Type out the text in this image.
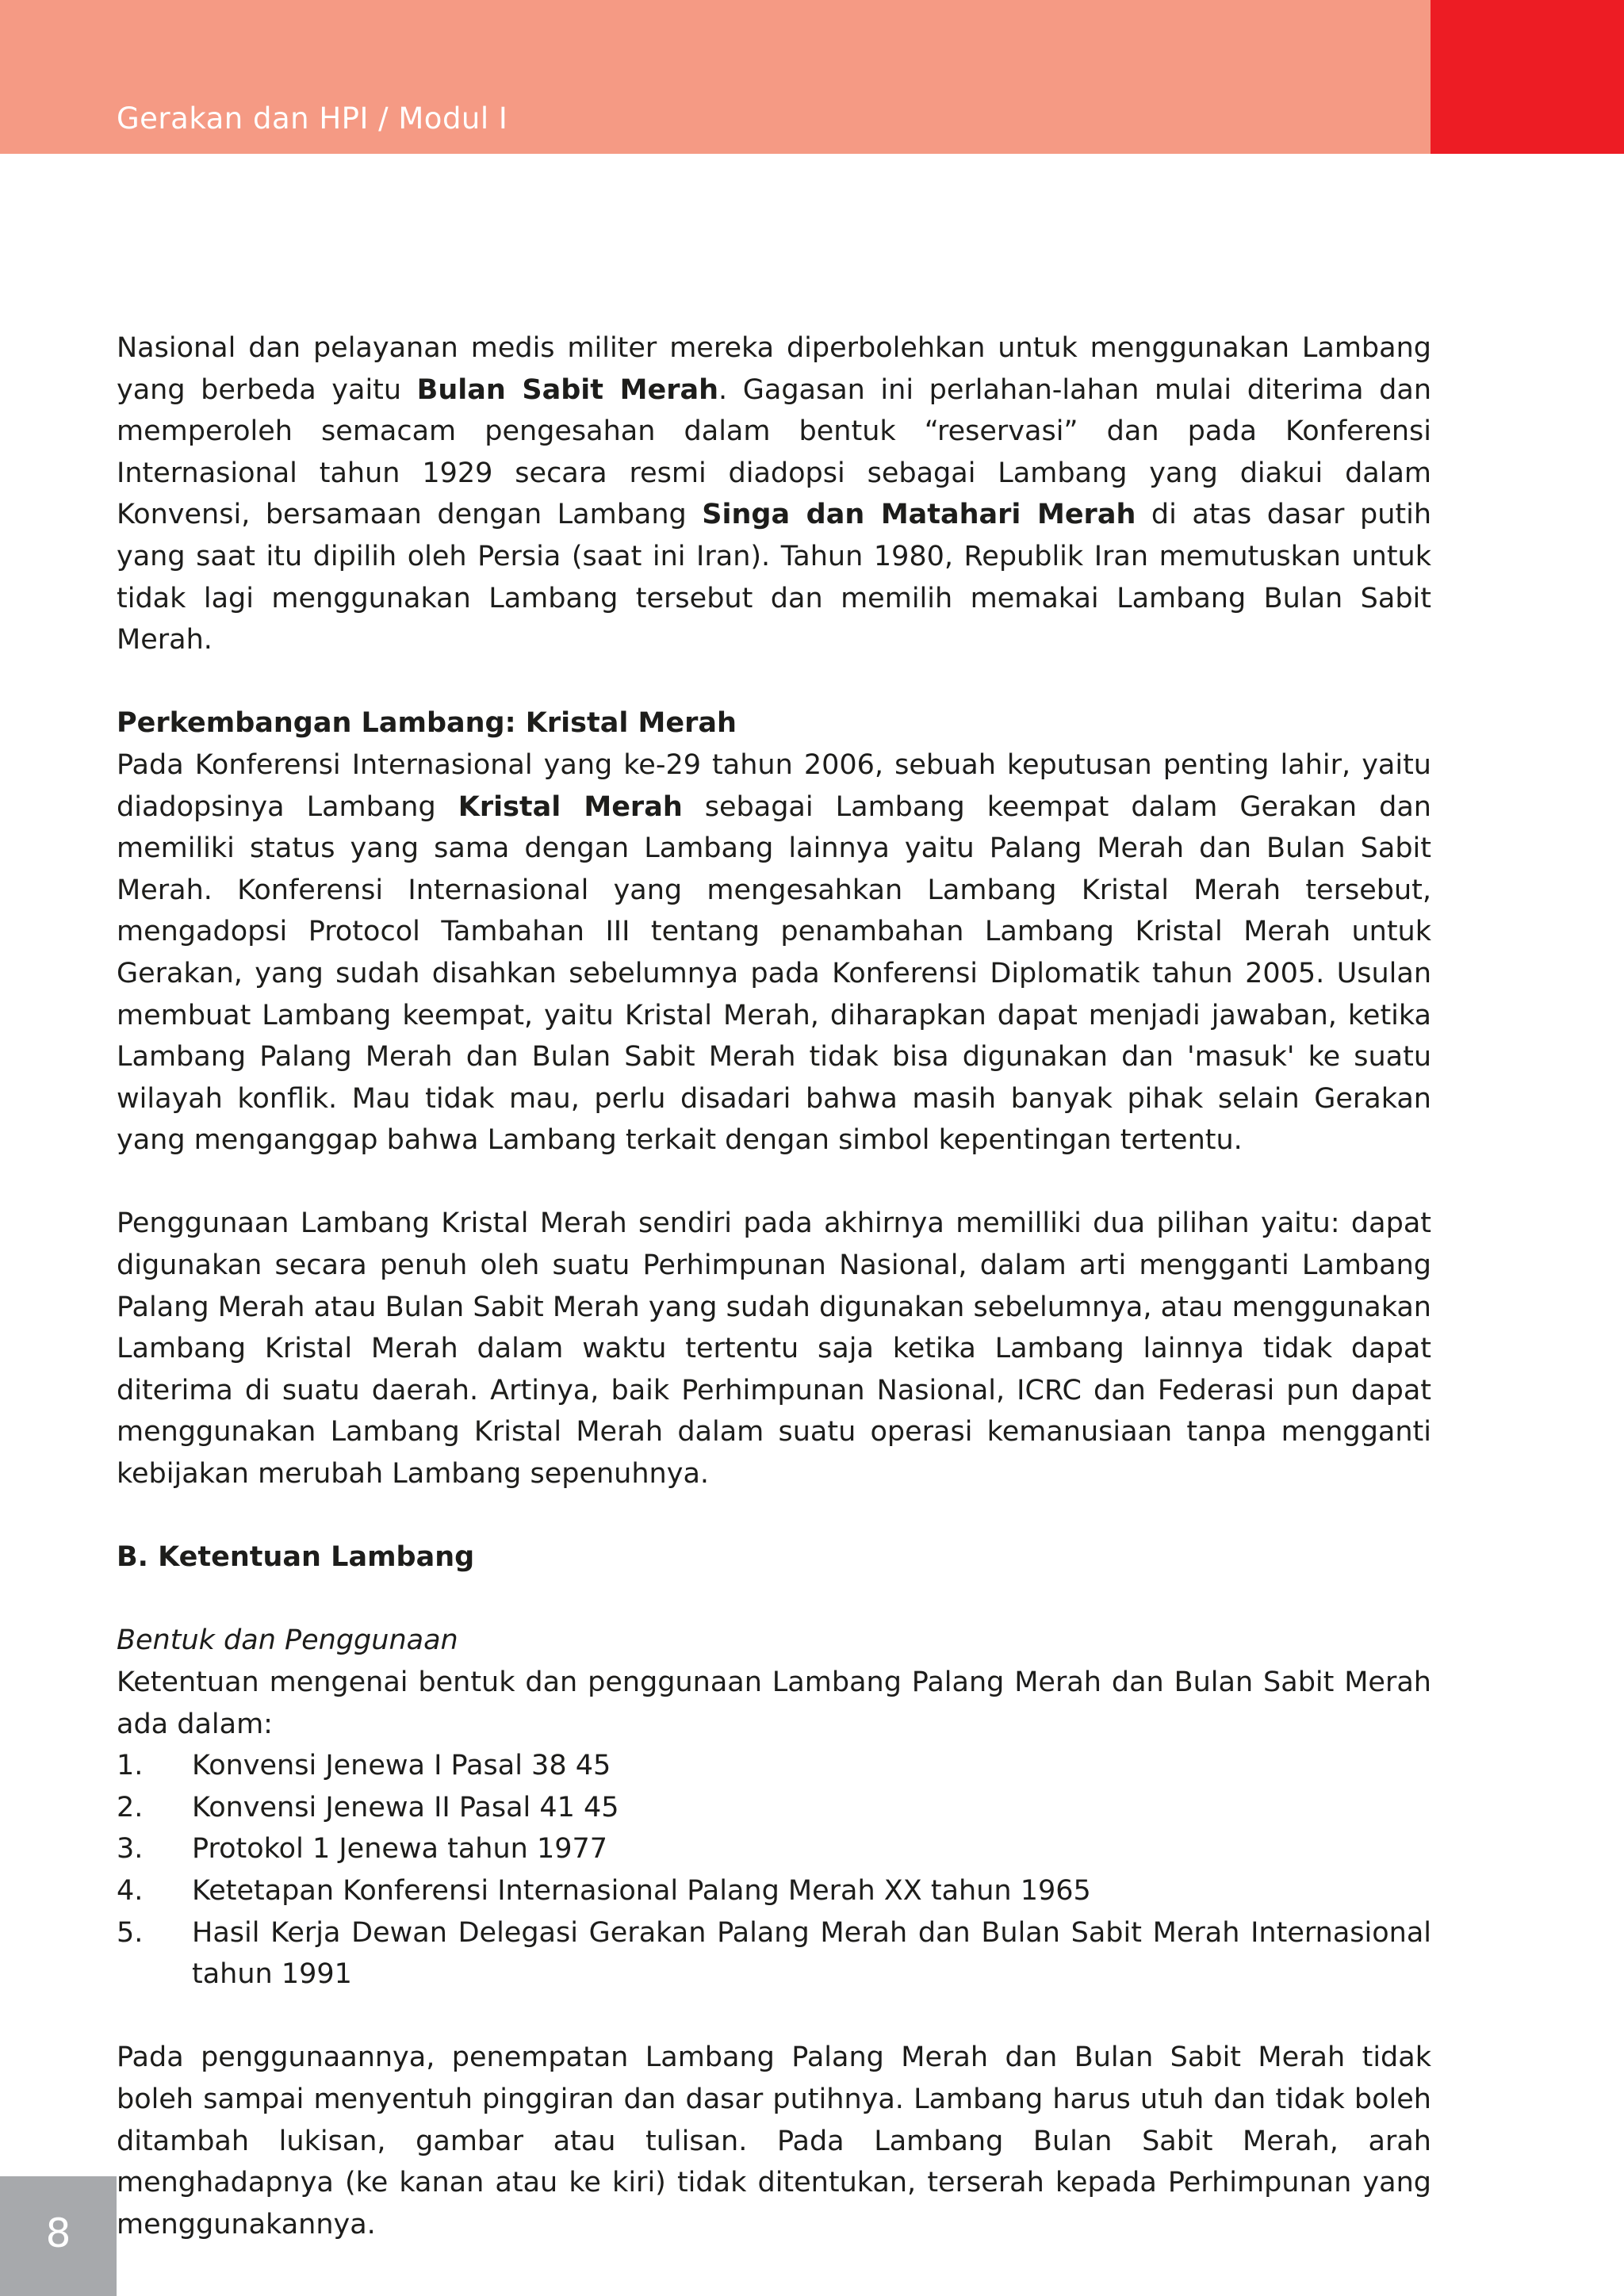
Gerakan dan HPI / Modul I

Nasional dan pelayanan medis militer mereka diperbolehkan untuk menggunakan Lambang yang berbeda yaitu Bulan Sabit Merah. Gagasan ini perlahan-lahan mulai diterima dan memperoleh semacam pengesahan dalam bentuk “reservasi” dan pada Konferensi Internasional tahun 1929 secara resmi diadopsi sebagai Lambang yang diakui dalam Konvensi, bersamaan dengan Lambang Singa dan Matahari Merah di atas dasar putih yang saat itu dipilih oleh Persia (saat ini Iran). Tahun 1980, Republik Iran memutuskan untuk tidak lagi menggunakan Lambang tersebut dan memilih memakai Lambang Bulan Sabit Merah.

Perkembangan Lambang: Kristal Merah

Pada Konferensi Internasional yang ke-29 tahun 2006, sebuah keputusan penting lahir, yaitu diadopsinya Lambang Kristal Merah sebagai Lambang keempat dalam Gerakan dan memiliki status yang sama dengan Lambang lainnya yaitu Palang Merah dan Bulan Sabit Merah. Konferensi Internasional yang mengesahkan Lambang Kristal Merah tersebut, mengadopsi Protocol Tambahan III tentang penambahan Lambang Kristal Merah untuk Gerakan, yang sudah disahkan sebelumnya pada Konferensi Diplomatik tahun 2005. Usulan membuat Lambang keempat, yaitu Kristal Merah, diharapkan dapat menjadi jawaban, ketika Lambang Palang Merah dan Bulan Sabit Merah tidak bisa digunakan dan 'masuk' ke suatu wilayah konflik. Mau tidak mau, perlu disadari bahwa masih banyak pihak selain Gerakan yang menganggap bahwa Lambang terkait dengan simbol kepentingan tertentu.

Penggunaan Lambang Kristal Merah sendiri pada akhirnya memilliki dua pilihan yaitu: dapat digunakan secara penuh oleh suatu Perhimpunan Nasional, dalam arti mengganti Lambang Palang Merah atau Bulan Sabit Merah yang sudah digunakan sebelumnya, atau menggunakan Lambang Kristal Merah dalam waktu tertentu saja ketika Lambang lainnya tidak dapat diterima di suatu daerah. Artinya, baik Perhimpunan Nasional, ICRC dan Federasi pun dapat menggunakan Lambang Kristal Merah dalam suatu operasi kemanusiaan tanpa mengganti kebijakan merubah Lambang sepenuhnya.

B. Ketentuan Lambang

Bentuk dan Penggunaan

Ketentuan mengenai bentuk dan penggunaan Lambang Palang Merah dan Bulan Sabit Merah ada dalam:

1.	Konvensi Jenewa I Pasal 38 45
2.	Konvensi Jenewa II Pasal 41 45
3.	Protokol 1 Jenewa tahun 1977
4.	Ketetapan Konferensi Internasional Palang Merah XX tahun 1965
5.	Hasil Kerja Dewan Delegasi Gerakan Palang Merah dan Bulan Sabit Merah Internasional tahun 1991

Pada penggunaannya, penempatan Lambang Palang Merah dan Bulan Sabit Merah tidak boleh sampai menyentuh pinggiran dan dasar putihnya. Lambang harus utuh dan tidak boleh ditambah lukisan, gambar atau tulisan. Pada Lambang Bulan Sabit Merah, arah menghadapnya (ke kanan atau ke kiri) tidak ditentukan, terserah kepada Perhimpunan yang menggunakannya.

8
